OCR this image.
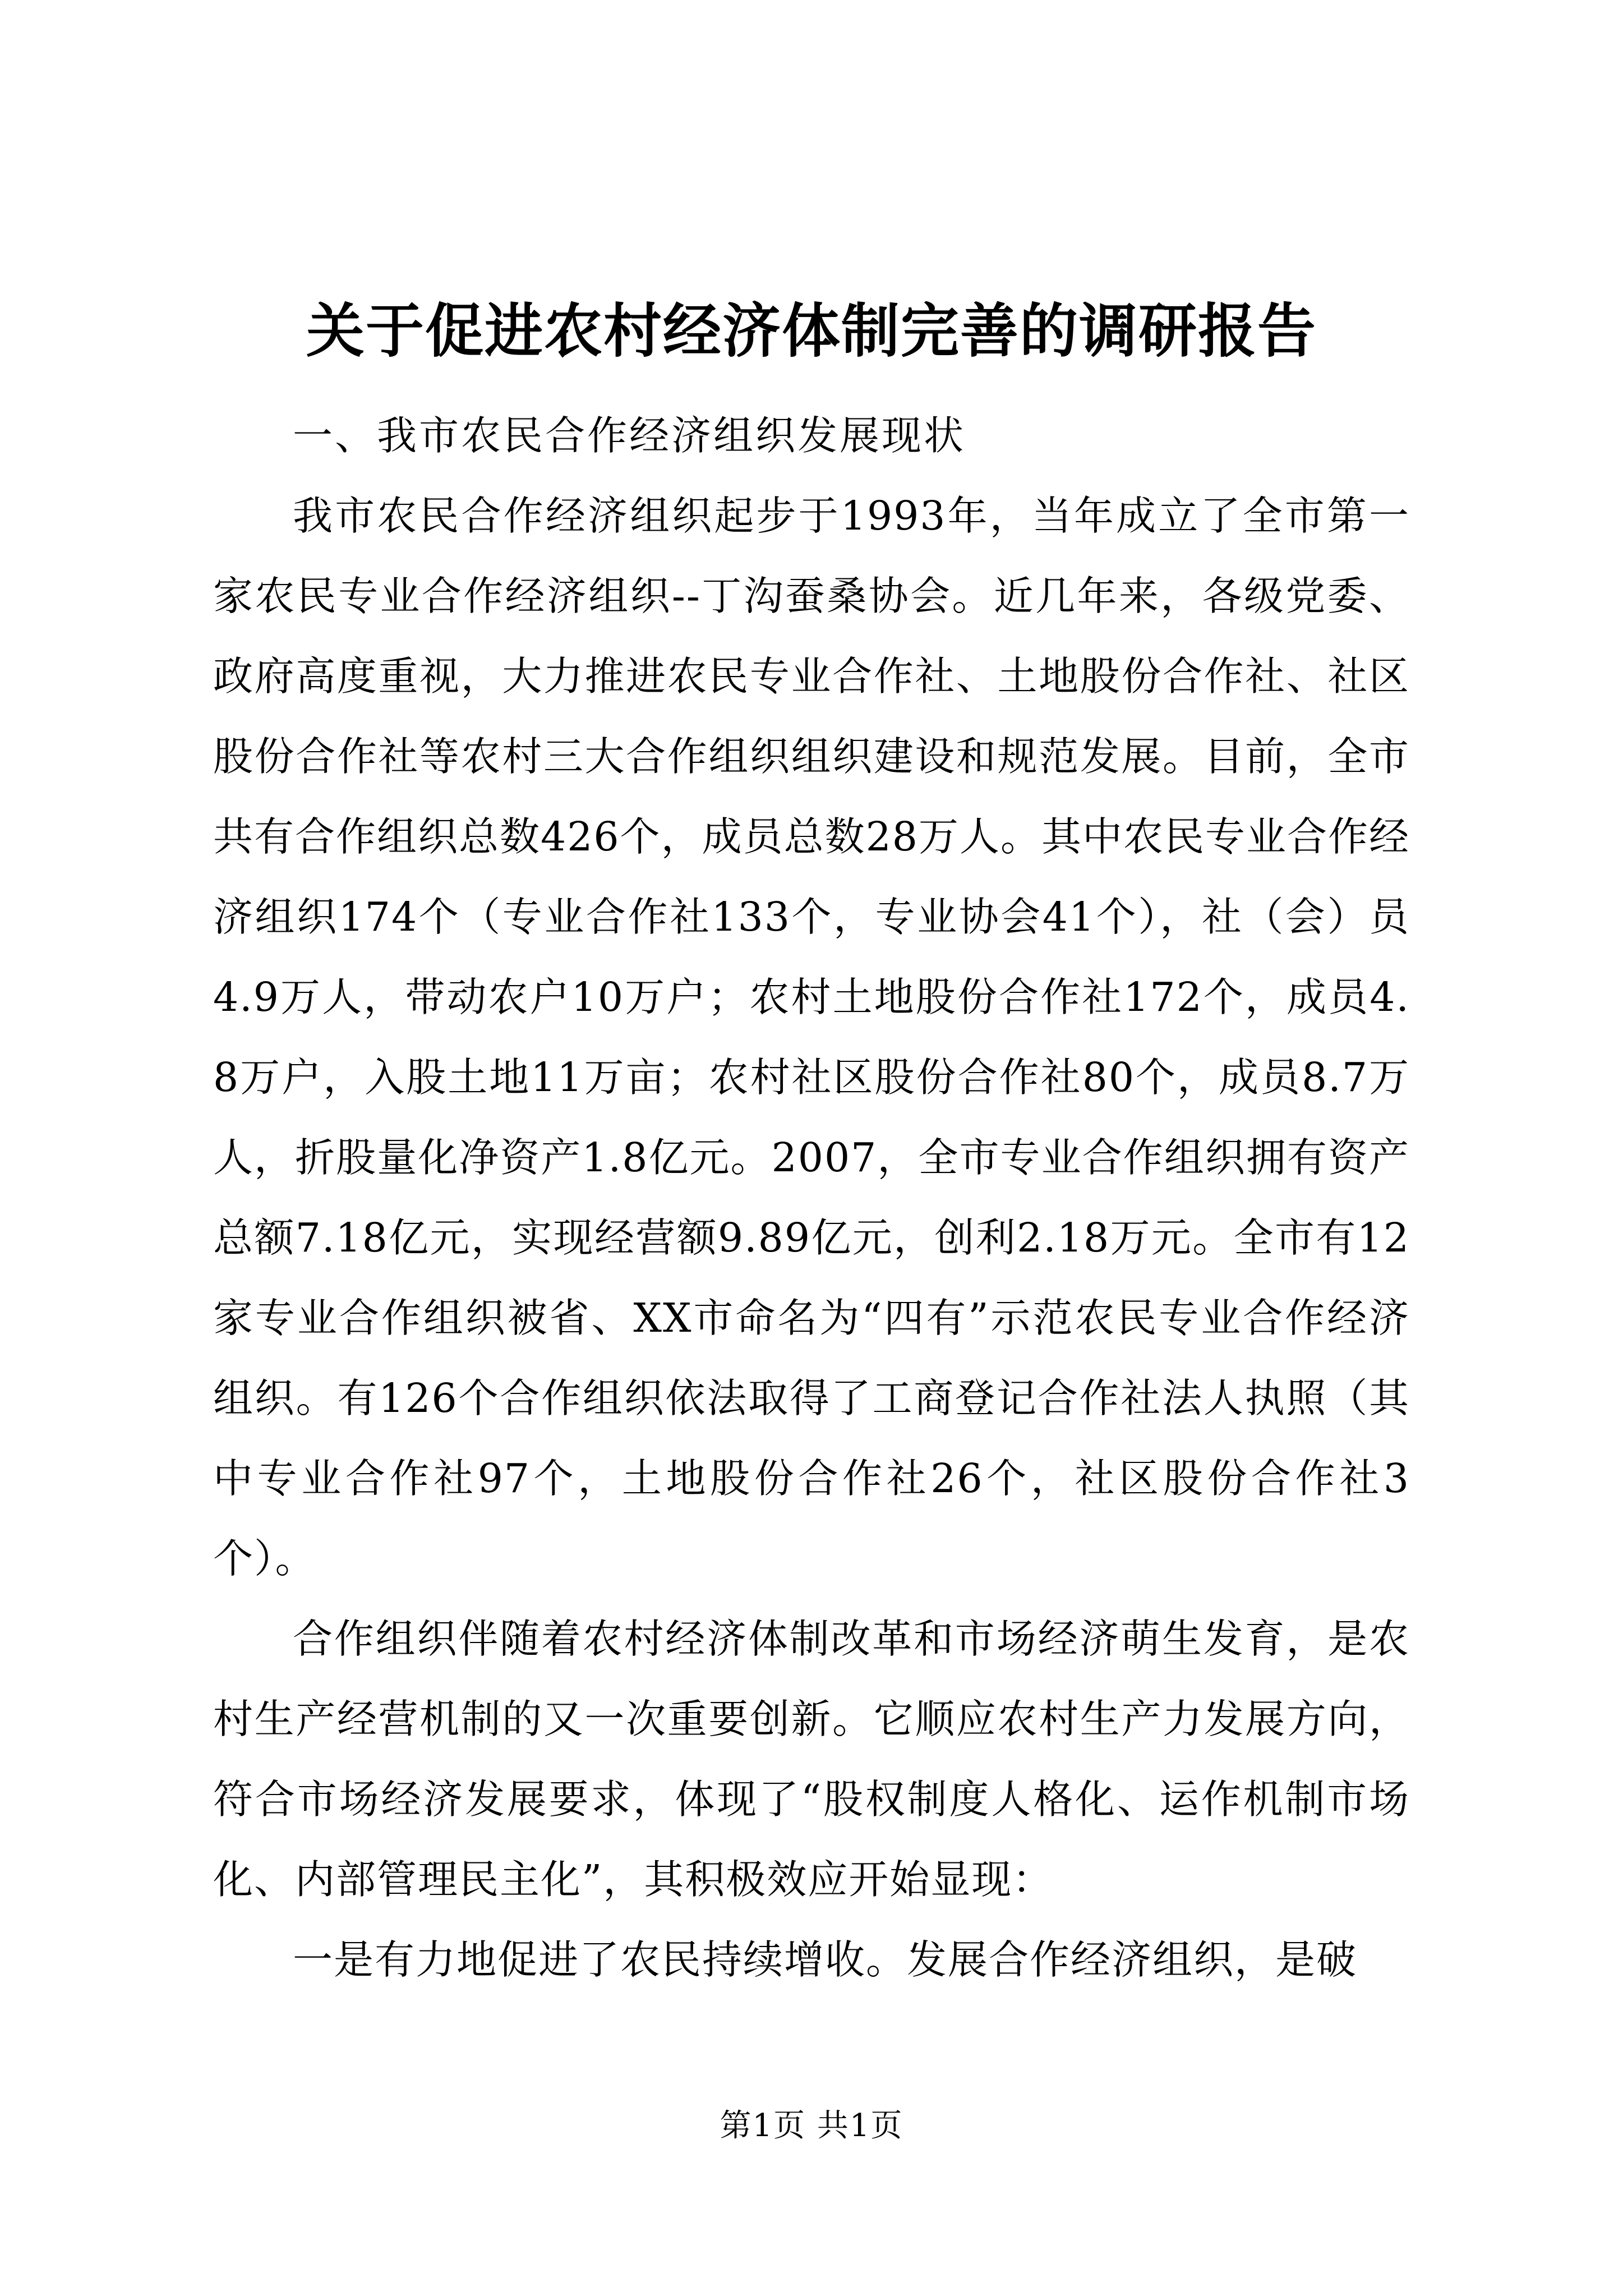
关于促进农村经济体制完善的调研报告

一、我市农民合作经济组织发展现状

我市农民合作经济组织起步于1993年，当年成立了全市第一家农民专业合作经济组织--丁沟蚕桑协会。近几年来，各级党委、政府高度重视，大力推进农民专业合作社、土地股份合作社、社区股份合作社等农村三大合作组织组织建设和规范发展。目前，全市共有合作组织总数426个，成员总数28万人。其中农民专业合作经济组织174个（专业合作社133个，专业协会41个），社（会）员4.9万人，带动农户10万户；农村土地股份合作社172个，成员4.8万户，入股土地11万亩；农村社区股份合作社80个，成员8.7万人，折股量化净资产1.8亿元。2007，全市专业合作组织拥有资产总额7.18亿元，实现经营额9.89亿元，创利2.18万元。全市有12家专业合作组织被省、XX市命名为“四有”示范农民专业合作经济组织。有126个合作组织依法取得了工商登记合作社法人执照（其中专业合作社97个，土地股份合作社26个，社区股份合作社3个）。

合作组织伴随着农村经济体制改革和市场经济萌生发育，是农村生产经营机制的又一次重要创新。它顺应农村生产力发展方向，符合市场经济发展要求，体现了“股权制度人格化、运作机制市场化、内部管理民主化”，其积极效应开始显现：

一是有力地促进了农民持续增收。发展合作经济组织，是破

第1页 共1页
